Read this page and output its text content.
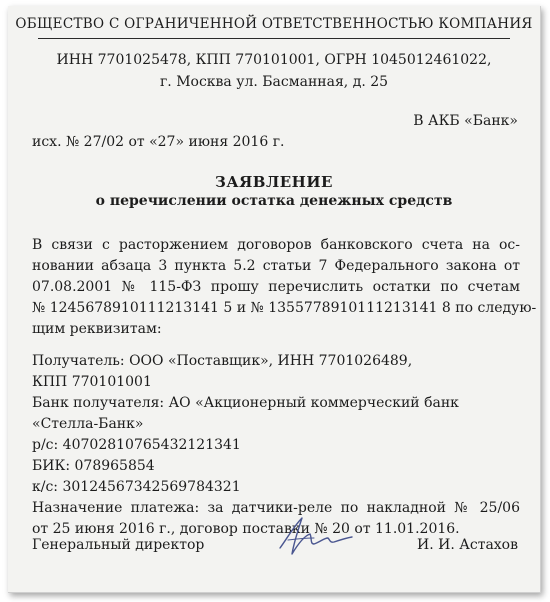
ОБЩЕСТВО С ОГРАНИЧЕННОЙ ОТВЕТСТВЕННОСТЬЮ КОМПАНИЯ
ИНН 7701025478, КПП 770101001, ОГРН 1045012461022,
г. Москва ул. Басманная, д. 25
В АКБ «Банк»
исх. № 27/02 от «27» июня 2016 г.
ЗАЯВЛЕНИЕ
о перечислении остатка денежных средств
В связи с расторжением договоров банковского счета на ос-
новании абзаца 3 пункта 5.2 статьи 7 Федерального закона от
07.08.2001 № 115-ФЗ прошу перечислить остатки по счетам
№ 1245678910111213141 5 и № 1355778910111213141 8 по следую-
щим реквизитам:
Получатель: ООО «Поставщик», ИНН 7701026489,
КПП 770101001
Банк получателя: АО «Акционерный коммерческий банк
«Стелла-Банк»
р/с: 40702810765432121341
БИК: 078965854
к/с: 30124567342569784321
Назначение платежа: за датчики-реле по накладной № 25/06
от 25 июня 2016 г., договор поставки № 20 от 11.01.2016.
Генеральный директор	И. И. Астахов
